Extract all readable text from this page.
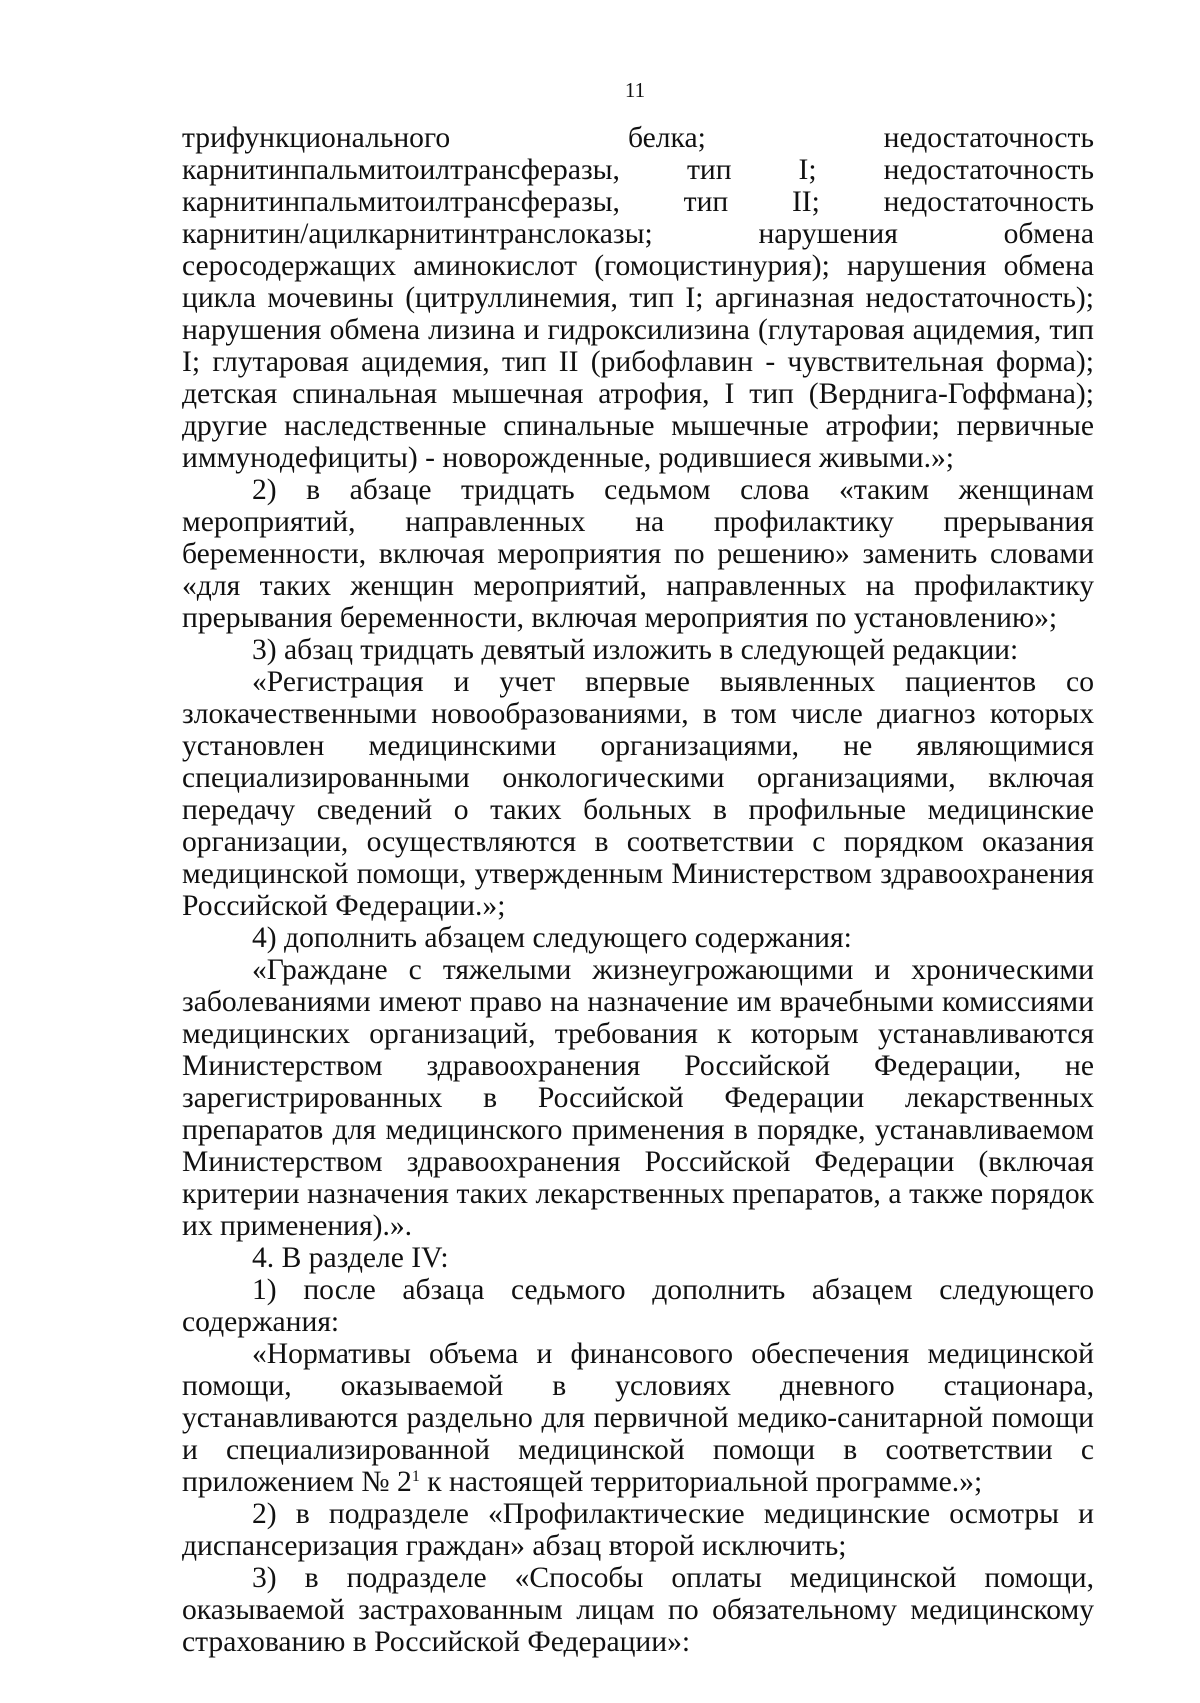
11
трифункционального	белка;	недостаточность
карнитинпальмитоилтрансферазы, тип I; недостаточность
карнитинпальмитоилтрансферазы, тип II; недостаточность

карнитин/ацилкарнитинтранслоказы; нарушения обмена серосодержащих аминокислот (гомоцистинурия); нарушения обмена цикла мочевины (цитруллинемия, тип I; аргиназная недостаточность); нарушения обмена лизина и гидроксилизина (глутаровая ацидемия, тип I; глутаровая ацидемия, тип II (рибофлавин - чувствительная форма); детская спинальная мышечная атрофия, I тип (Верднига-Гоффмана); другие наследственные спинальные мышечные атрофии; первичные иммунодефициты) - новорожденные, родившиеся живыми.»;

2) в абзаце тридцать седьмом слова «таким женщинам мероприятий, направленных на профилактику прерывания беременности, включая мероприятия по решению» заменить словами «для таких женщин мероприятий, направленных на профилактику прерывания беременности, включая мероприятия по установлению»;

3) абзац тридцать девятый изложить в следующей редакции:

«Регистрация и учет впервые выявленных пациентов со злокачественными новообразованиями, в том числе диагноз которых установлен медицинскими организациями, не являющимися специализированными онкологическими организациями, включая передачу сведений о таких больных в профильные медицинские организации, осуществляются в соответствии с порядком оказания медицинской помощи, утвержденным Министерством здравоохранения Российской Федерации.»;

4) дополнить абзацем следующего содержания:

«Граждане с тяжелыми жизнеугрожающими и хроническими заболеваниями имеют право на назначение им врачебными комиссиями медицинских организаций, требования к которым устанавливаются Министерством здравоохранения Российской Федерации, не зарегистрированных в Российской Федерации лекарственных препаратов для медицинского применения в порядке, устанавливаемом Министерством здравоохранения Российской Федерации (включая критерии назначения таких лекарственных препаратов, а также порядок их применения).».

4. В разделе IV:

1) после абзаца седьмого дополнить абзацем следующего содержания:

«Нормативы объема и финансового обеспечения медицинской помощи, оказываемой в условиях дневного стационара, устанавливаются раздельно для первичной медико-санитарной помощи и специализированной медицинской помощи в соответствии с приложением № $2^1$ к настоящей территориальной программе.»;

2) в подразделе «Профилактические медицинские осмотры и диспансеризация граждан» абзац второй исключить;

3) в подразделе «Способы оплаты медицинской помощи, оказываемой застрахованным лицам по обязательному медицинскому страхованию в Российской Федерации»:
